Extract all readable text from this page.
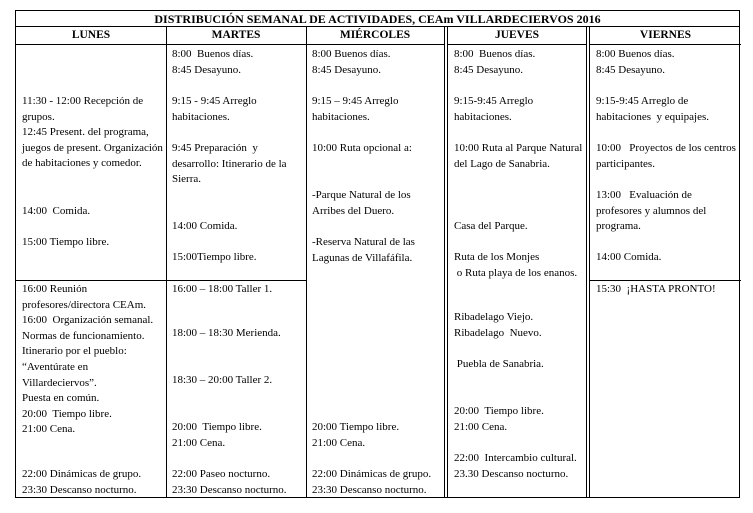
DISTRIBUCIÓN SEMANAL DE ACTIVIDADES, CEAm VILLARDECIERVOS 2016
LUNES
11:30 - 12:00 Recepción de grupos.
12:45 Present. del programa, juegos de present. Organización de habitaciones y comedor.
14:00  Comida.
15:00 Tiempo libre.
16:00 Reunión profesores/directora CEAm.
16:00  Organización semanal.
Normas de funcionamiento.
Itinerario por el pueblo: “Aventúrate en Villardeciervos”.
Puesta en común.
20:00  Tiempo libre.
21:00 Cena.
22:00 Dinámicas de grupo.
23:30 Descanso nocturno.
MARTES
8:00  Buenos días.
8:45 Desayuno.
9:15 - 9:45 Arreglo habitaciones.
9:45 Preparación  y desarrollo: Itinerario de la Sierra.
14:00 Comida.
15:00Tiempo libre.
16:00 – 18:00 Taller 1.
18:00 – 18:30 Merienda.
18:30 – 20:00 Taller 2.
20:00  Tiempo libre.
21:00 Cena.
22:00 Paseo nocturno.
23:30 Descanso nocturno.
MIÉRCOLES
8:00 Buenos días.
8:45 Desayuno.
9:15 – 9:45 Arreglo habitaciones.
10:00 Ruta opcional a:
-Parque Natural de los Arribes del Duero.
-Reserva Natural de las Lagunas de Villafáfila.
20:00 Tiempo libre.
21:00 Cena.
22:00 Dinámicas de grupo.
23:30 Descanso nocturno.
JUEVES
8:00  Buenos días.
8:45 Desayuno.
9:15-9:45 Arreglo habitaciones.
10:00 Ruta al Parque Natural del Lago de Sanabria.
Casa del Parque.
Ruta de los Monjes
o Ruta playa de los enanos.
Ribadelago Viejo.
Ribadelago  Nuevo.
Puebla de Sanabria.
20:00  Tiempo libre.
21:00 Cena.
22:00  Intercambio cultural.
23.30 Descanso nocturno.
VIERNES
8:00 Buenos días.
8:45 Desayuno.
9:15-9:45 Arreglo de habitaciones  y equipajes.
10:00   Proyectos de los centros participantes.
13:00   Evaluación de profesores y alumnos del programa.
14:00 Comida.
15:30  ¡HASTA PRONTO!
